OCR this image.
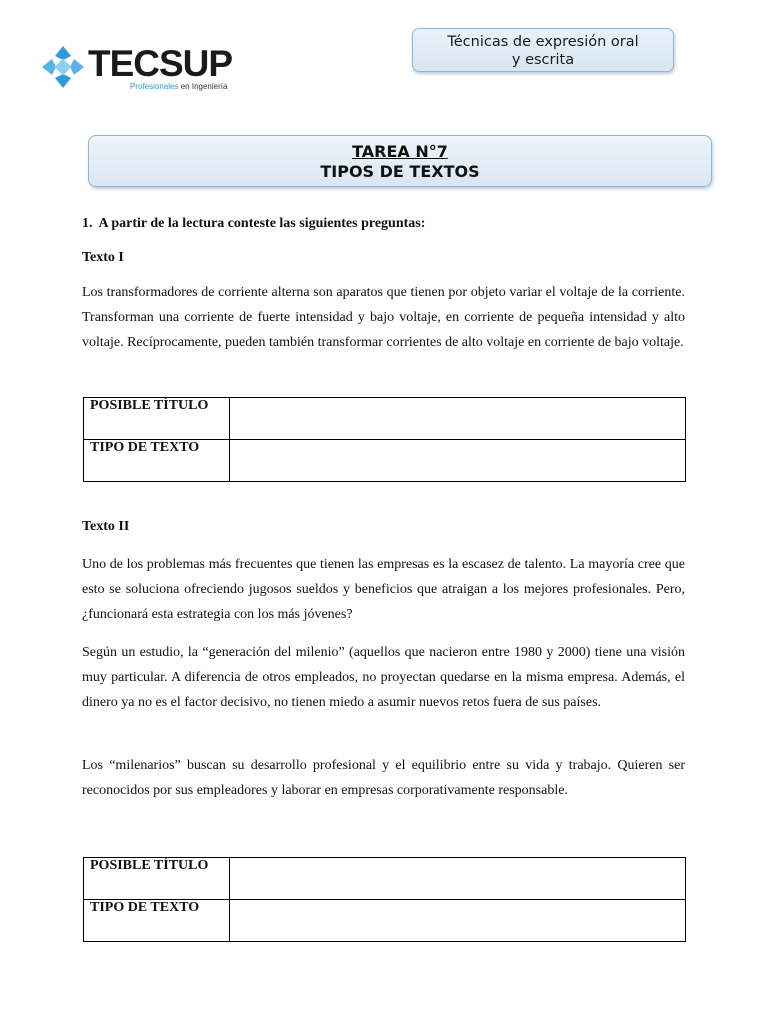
TECSUP
Profesionales en Ingeniería
Técnicas de expresión oral
y escrita
TAREA N°7
TIPOS DE TEXTOS
1. A partir de la lectura conteste las siguientes preguntas:
Texto I

Los transformadores de corriente alterna son aparatos que tienen por objeto variar el voltaje de la corriente. Transforman una corriente de fuerte intensidad y bajo voltaje, en corriente de pequeña intensidad y alto voltaje. Recíprocamente, pueden también transformar corrientes de alto voltaje en corriente de bajo voltaje.

POSIBLE TÍTULO	
TIPO DE TEXTO	
Texto II

Uno de los problemas más frecuentes que tienen las empresas es la escasez de talento. La mayoría cree que esto se soluciona ofreciendo jugosos sueldos y beneficios que atraigan a los mejores profesionales. Pero, ¿funcionará esta estrategia con los más jóvenes?

Según un estudio, la “generación del milenio” (aquellos que nacieron entre 1980 y 2000) tiene una visión muy particular. A diferencia de otros empleados, no proyectan quedarse en la misma empresa. Además, el dinero ya no es el factor decisivo, no tienen miedo a asumir nuevos retos fuera de sus países.

Los “milenarios” buscan su desarrollo profesional y el equilibrio entre su vida y trabajo. Quieren ser reconocidos por sus empleadores y laborar en empresas corporativamente responsable.

POSIBLE TÍTULO	
TIPO DE TEXTO	
